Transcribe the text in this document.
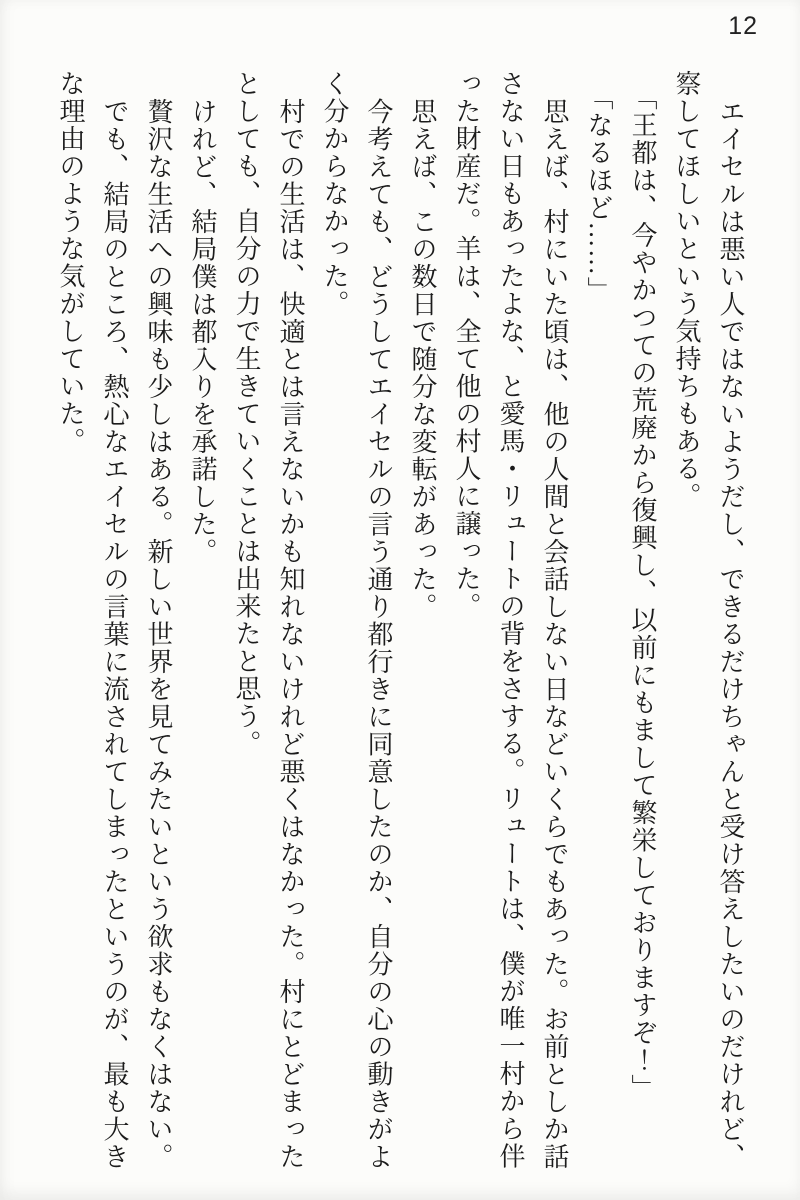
12

エイセルは悪い人ではないようだし、できるだけちゃんと受け答えしたいのだけれど、

察してほしいという気持ちもある。

「王都は、今やかつての荒廃から復興し、以前にもまして繁栄しておりますぞ！」

「なるほど……」

思えば、村にいた頃は、他の人間と会話しない日などいくらでもあった。お前としか話

さない日もあったよな、と愛馬・リュートの背をさする。リュートは、僕が唯一村から伴

った財産だ。羊は、全て他の村人に譲った。

思えば、この数日で随分な変転があった。

今考えても、どうしてエイセルの言う通り都行きに同意したのか、自分の心の動きがよ

く分からなかった。

村での生活は、快適とは言えないかも知れないけれど悪くはなかった。村にとどまった

としても、自分の力で生きていくことは出来たと思う。

けれど、結局僕は都入りを承諾した。

贅沢な生活への興味も少しはある。新しい世界を見てみたいという欲求もなくはない。

でも、結局のところ、熱心なエイセルの言葉に流されてしまったというのが、最も大き

な理由のような気がしていた。
